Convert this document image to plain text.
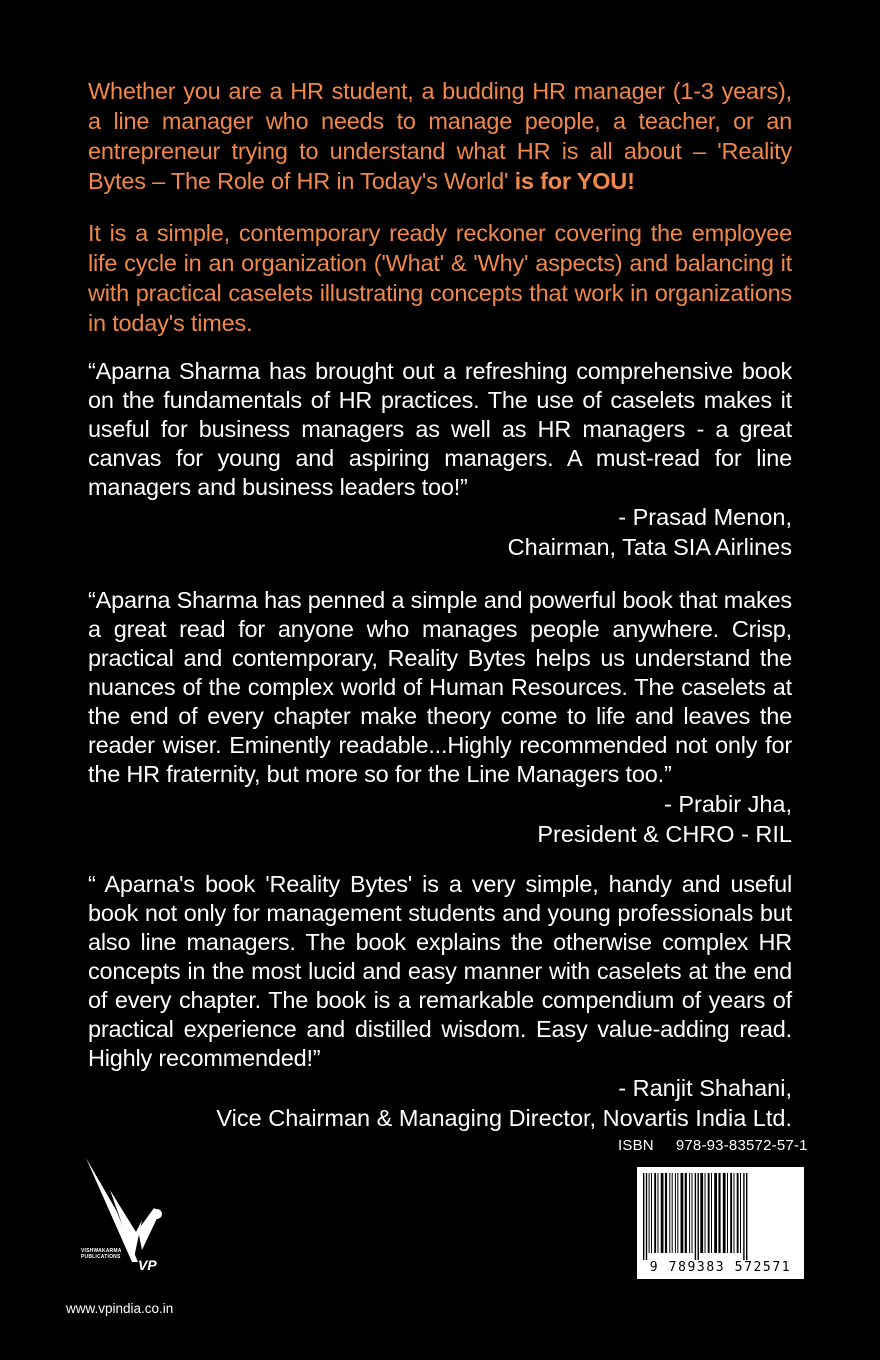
Whether you are a HR student, a budding HR manager (1-3 years), a line manager who needs to manage people, a teacher, or an entrepreneur trying to understand what HR is all about – 'Reality Bytes – The Role of HR in Today's World' is for YOU!

It is a simple, contemporary ready reckoner covering the employee life cycle in an organization ('What' & 'Why' aspects) and balancing it with practical caselets illustrating concepts that work in organizations in today's times.

“Aparna Sharma has brought out a refreshing comprehensive book on the fundamentals of HR practices. The use of caselets makes it useful for business managers as well as HR managers - a great canvas for young and aspiring managers. A must-read for line managers and business leaders too!”

- Prasad Menon,
Chairman, Tata SIA Airlines

“Aparna Sharma has penned a simple and powerful book that makes a great read for anyone who manages people anywhere. Crisp, practical and contemporary, Reality Bytes helps us understand the nuances of the complex world of Human Resources. The caselets at the end of every chapter make theory come to life and leaves the reader wiser. Eminently readable...Highly recommended not only for the HR fraternity, but more so for the Line Managers too.”

- Prabir Jha,
President & CHRO - RIL

“ Aparna's book 'Reality Bytes' is a very simple, handy and useful book not only for management students and young professionals but also line managers. The book explains the otherwise complex HR concepts in the most lucid and easy manner with caselets at the end of every chapter. The book is a remarkable compendium of years of practical experience and distilled wisdom. Easy value-adding read. Highly recommended!”

- Ranjit Shahani,
Vice Chairman & Managing Director, Novartis India Ltd.

ISBN 978-93-83572-57-1
9 789383 572571
VISHWAKARMA PUBLICATIONS	VP
www.vpindia.co.in
